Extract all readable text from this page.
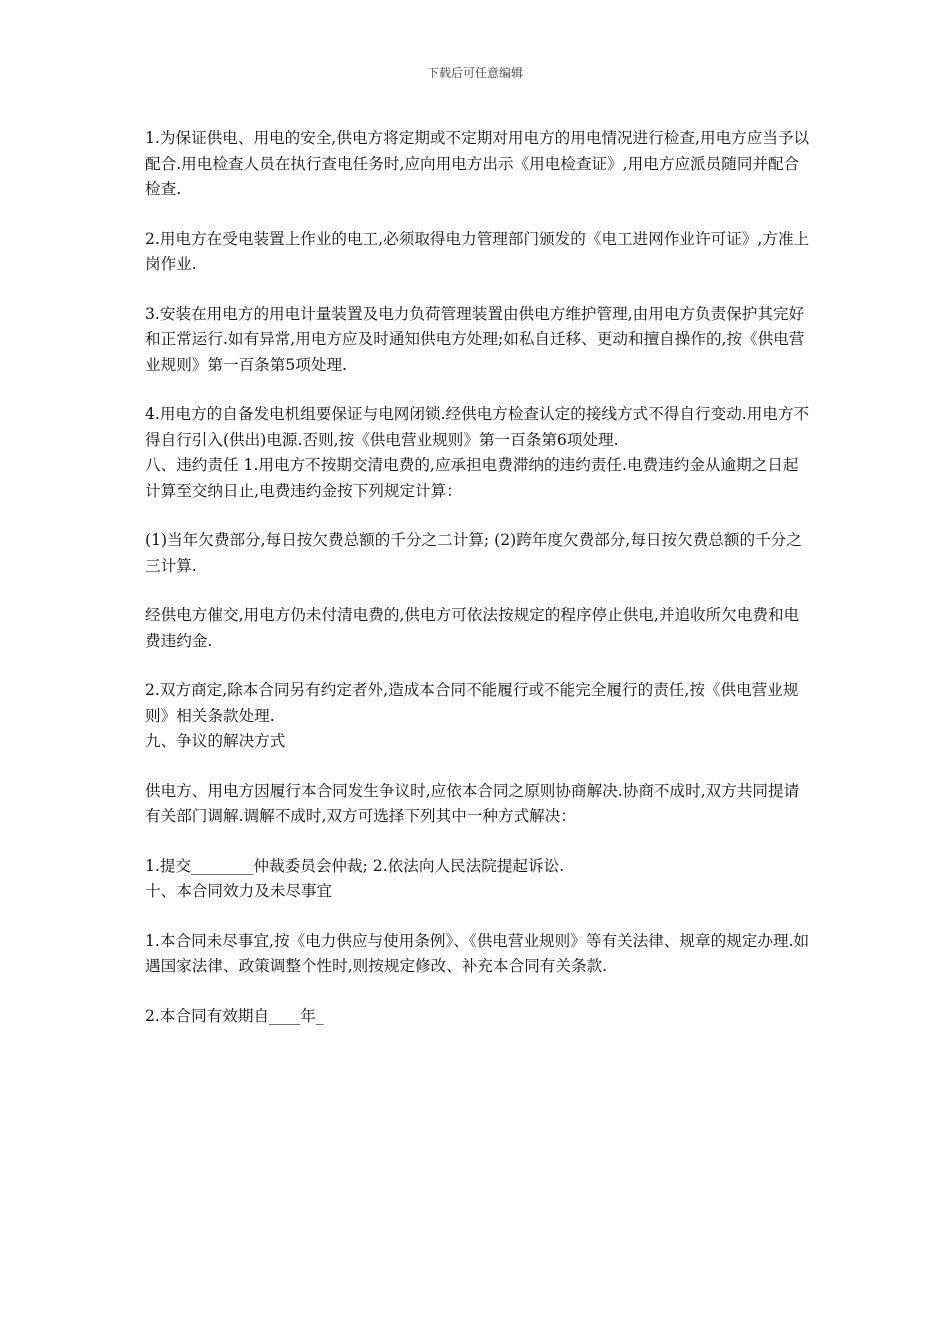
下载后可任意编辑

1.为保证供电、用电的安全,供电方将定期或不定期对用电方的用电情况进行检查,用电方应当予以配合.用电检查人员在执行查电任务时,应向用电方出示《用电检查证》,用电方应派员随同并配合检查.

2.用电方在受电装置上作业的电工,必须取得电力管理部门颁发的《电工进网作业许可证》,方准上岗作业.

3.安装在用电方的用电计量装置及电力负荷管理装置由供电方维护管理,由用电方负责保护其完好和正常运行.如有异常,用电方应及时通知供电方处理;如私自迁移、更动和擅自操作的,按《供电营业规则》第一百条第5项处理.

4.用电方的自备发电机组要保证与电网闭锁.经供电方检查认定的接线方式不得自行变动.用电方不得自行引入(供出)电源.否则,按《供电营业规则》第一百条第6项处理.

八、违约责任 1.用电方不按期交清电费的,应承担电费滞纳的违约责任.电费违约金从逾期之日起计算至交纳日止,电费违约金按下列规定计算：

(1)当年欠费部分,每日按欠费总额的千分之二计算; (2)跨年度欠费部分,每日按欠费总额的千分之三计算.

经供电方催交,用电方仍未付清电费的,供电方可依法按规定的程序停止供电,并追收所欠电费和电费违约金.

2.双方商定,除本合同另有约定者外,造成本合同不能履行或不能完全履行的责任,按《供电营业规则》相关条款处理.

九、争议的解决方式

供电方、用电方因履行本合同发生争议时,应依本合同之原则协商解决.协商不成时,双方共同提请有关部门调解.调解不成时,双方可选择下列其中一种方式解决：

1.提交________仲裁委员会仲裁; 2.依法向人民法院提起诉讼.

十、本合同效力及未尽事宜

1.本合同未尽事宜,按《电力供应与使用条例》、《供电营业规则》等有关法律、规章的规定办理.如遇国家法律、政策调整个性时,则按规定修改、补充本合同有关条款.

2.本合同有效期自____年_
